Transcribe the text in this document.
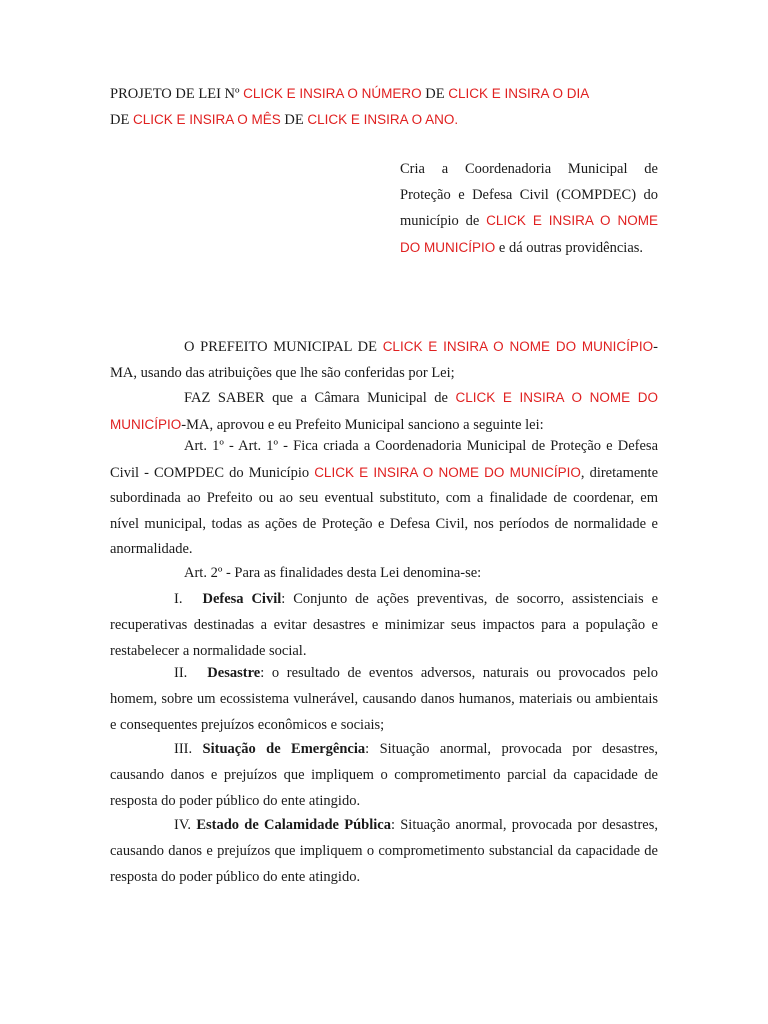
PROJETO DE LEI Nº CLICK E INSIRA O NÚMERO DE CLICK E INSIRA O DIA
DE CLICK E INSIRA O MÊS DE CLICK E INSIRA O ANO.
Cria a Coordenadoria Municipal de Proteção e Defesa Civil (COMPDEC) do município de CLICK E INSIRA O NOME DO MUNICÍPIO e dá outras providências.
O PREFEITO MUNICIPAL DE CLICK E INSIRA O NOME DO MUNICÍPIO-MA, usando das atribuições que lhe são conferidas por Lei;
FAZ SABER que a Câmara Municipal de CLICK E INSIRA O NOME DO MUNICÍPIO-MA, aprovou e eu Prefeito Municipal sanciono a seguinte lei:
Art. 1º - Art. 1º - Fica criada a Coordenadoria Municipal de Proteção e Defesa Civil - COMPDEC do Município CLICK E INSIRA O NOME DO MUNICÍPIO, diretamente subordinada ao Prefeito ou ao seu eventual substituto, com a finalidade de coordenar, em nível municipal, todas as ações de Proteção e Defesa Civil, nos períodos de normalidade e anormalidade.
Art. 2º - Para as finalidades desta Lei denomina-se:
I. Defesa Civil: Conjunto de ações preventivas, de socorro, assistenciais e recuperativas destinadas a evitar desastres e minimizar seus impactos para a população e restabelecer a normalidade social.
II. Desastre: o resultado de eventos adversos, naturais ou provocados pelo homem, sobre um ecossistema vulnerável, causando danos humanos, materiais ou ambientais e consequentes prejuízos econômicos e sociais;
III. Situação de Emergência: Situação anormal, provocada por desastres, causando danos e prejuízos que impliquem o comprometimento parcial da capacidade de resposta do poder público do ente atingido.
IV. Estado de Calamidade Pública: Situação anormal, provocada por desastres, causando danos e prejuízos que impliquem o comprometimento substancial da capacidade de resposta do poder público do ente atingido.
